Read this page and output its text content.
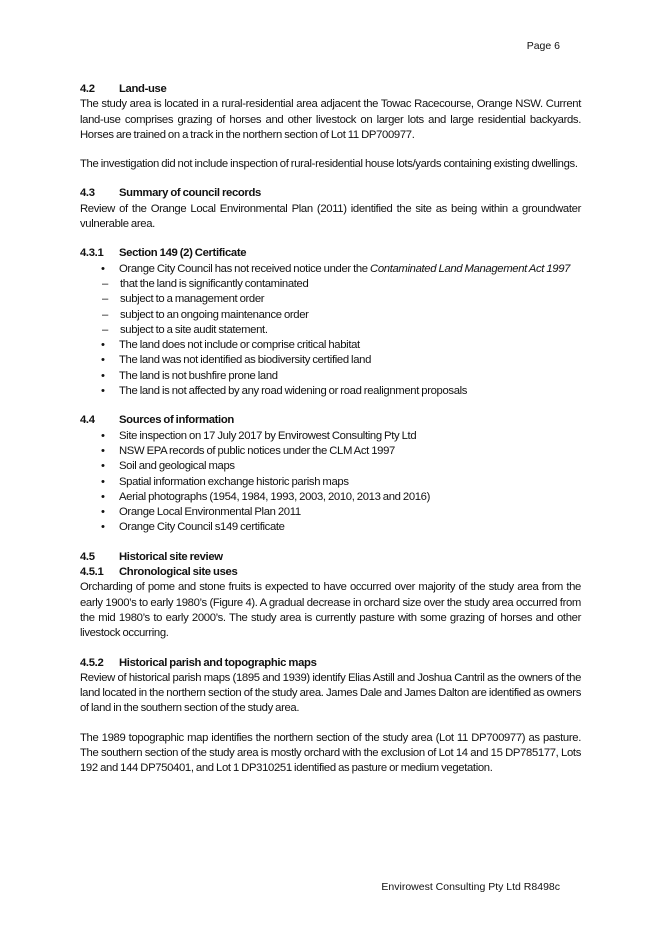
Page 6
4.2 Land-use

The study area is located in a rural-residential area adjacent the Towac Racecourse, Orange NSW. Current land-use comprises grazing of horses and other livestock on larger lots and large residential backyards. Horses are trained on a track in the northern section of Lot 11 DP700977.

The investigation did not include inspection of rural-residential house lots/yards containing existing dwellings.

4.3 Summary of council records

Review of the Orange Local Environmental Plan (2011) identified the site as being within a groundwater vulnerable area.

4.3.1 Section 149 (2) Certificate
• Orange City Council has not received notice under the Contaminated Land Management Act 1997
– that the land is significantly contaminated
– subject to a management order
– subject to an ongoing maintenance order
– subject to a site audit statement.
• The land does not include or comprise critical habitat
• The land was not identified as biodiversity certified land
• The land is not bushfire prone land
• The land is not affected by any road widening or road realignment proposals
4.4 Sources of information
• Site inspection on 17 July 2017 by Envirowest Consulting Pty Ltd
• NSW EPA records of public notices under the CLM Act 1997
• Soil and geological maps
• Spatial information exchange historic parish maps
• Aerial photographs (1954, 1984, 1993, 2003, 2010, 2013 and 2016)
• Orange Local Environmental Plan 2011
• Orange City Council s149 certificate
4.5 Historical site review
4.5.1 Chronological site uses

Orcharding of pome and stone fruits is expected to have occurred over majority of the study area from the early 1900’s to early 1980’s (Figure 4). A gradual decrease in orchard size over the study area occurred from the mid 1980’s to early 2000’s. The study area is currently pasture with some grazing of horses and other livestock occurring.

4.5.2 Historical parish and topographic maps

Review of historical parish maps (1895 and 1939) identify Elias Astill and Joshua Cantril as the owners of the land located in the northern section of the study area. James Dale and James Dalton are identified as owners of land in the southern section of the study area.

The 1989 topographic map identifies the northern section of the study area (Lot 11 DP700977) as pasture. The southern section of the study area is mostly orchard with the exclusion of Lot 14 and 15 DP785177, Lots 192 and 144 DP750401, and Lot 1 DP310251 identified as pasture or medium vegetation.

Envirowest Consulting Pty Ltd R8498c
